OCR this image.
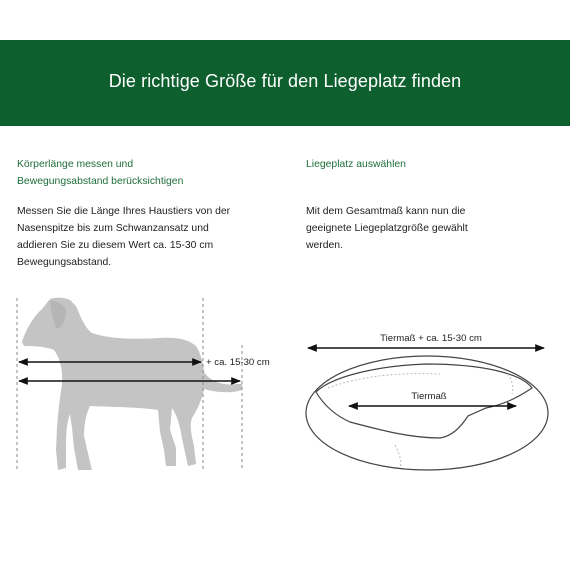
Die richtige Größe für den Liegeplatz finden
Körperlänge messen und
Bewegungsabstand berücksichtigen
Messen Sie die Länge Ihres Haustiers von der
Nasenspitze bis zum Schwanzansatz und
addieren Sie zu diesem Wert ca. 15-30 cm
Bewegungsabstand.
Liegeplatz auswählen
Mit dem Gesamtmaß kann nun die
geeignete Liegeplatzgröße gewählt
werden.
+ ca. 15-30 cm
Tiermaß + ca. 15-30 cm
Tiermaß
